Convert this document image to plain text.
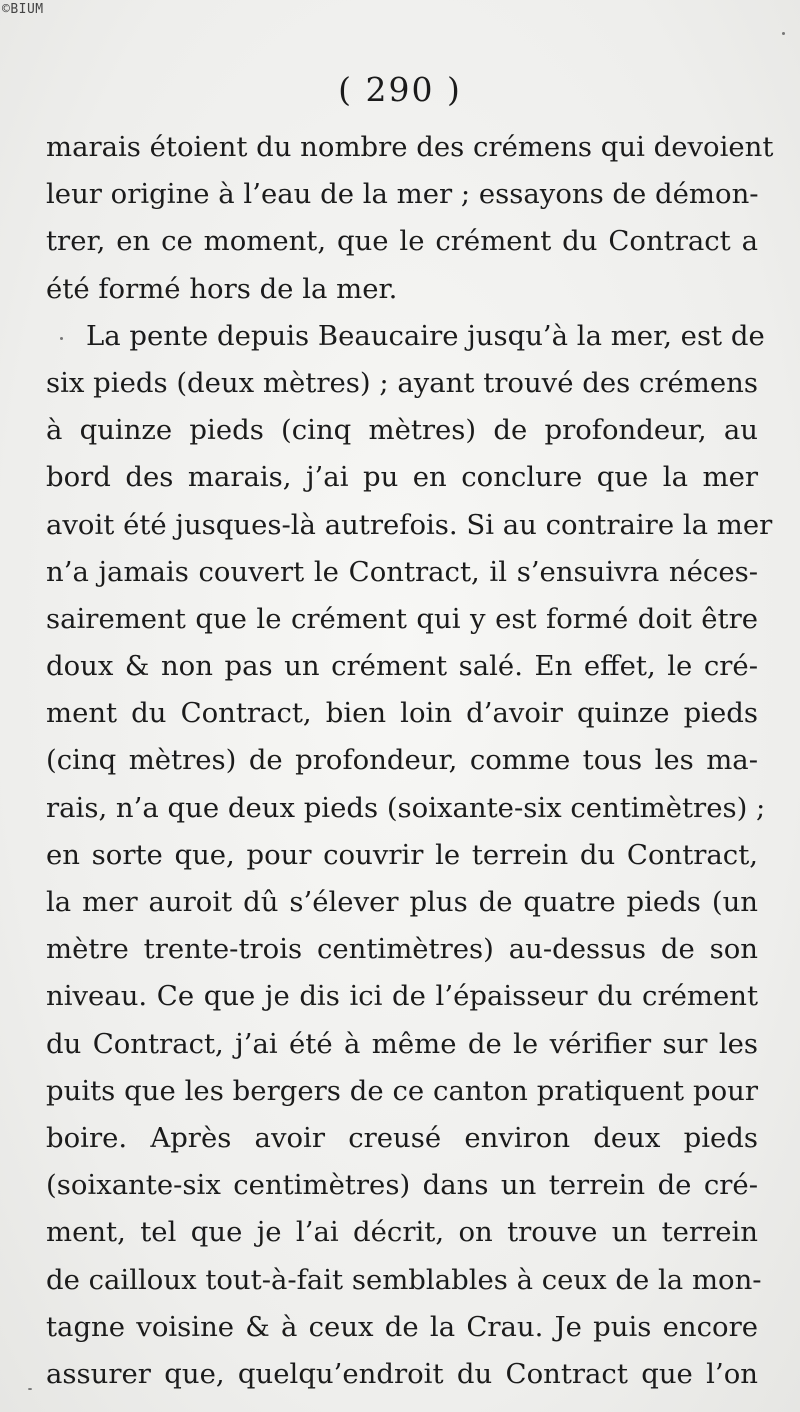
©BIUM
( 290 )
marais étoient du nombre des crémens qui devoient
leur origine à l’eau de la mer ; essayons de démon-
trer, en ce moment, que le crément du Contract a
été formé hors de la mer.
La pente depuis Beaucaire jusqu’à la mer, est de
six pieds (deux mètres) ; ayant trouvé des crémens
à quinze pieds (cinq mètres) de profondeur, au
bord des marais, j’ai pu en conclure que la mer
avoit été jusques-là autrefois. Si au contraire la mer
n’a jamais couvert le Contract, il s’ensuivra néces-
sairement que le crément qui y est formé doit être
doux & non pas un crément salé. En effet, le cré-
ment du Contract, bien loin d’avoir quinze pieds
(cinq mètres) de profondeur, comme tous les ma-
rais, n’a que deux pieds (soixante-six centimètres) ;
en sorte que, pour couvrir le terrein du Contract,
la mer auroit dû s’élever plus de quatre pieds (un
mètre trente-trois centimètres) au-dessus de son
niveau. Ce que je dis ici de l’épaisseur du crément
du Contract, j’ai été à même de le vérifier sur les
puits que les bergers de ce canton pratiquent pour
boire. Après avoir creusé environ deux pieds
(soixante-six centimètres) dans un terrein de cré-
ment, tel que je l’ai décrit, on trouve un terrein
de cailloux tout-à-fait semblables à ceux de la mon-
tagne voisine & à ceux de la Crau. Je puis encore
assurer que, quelqu’endroit du Contract que l’on
